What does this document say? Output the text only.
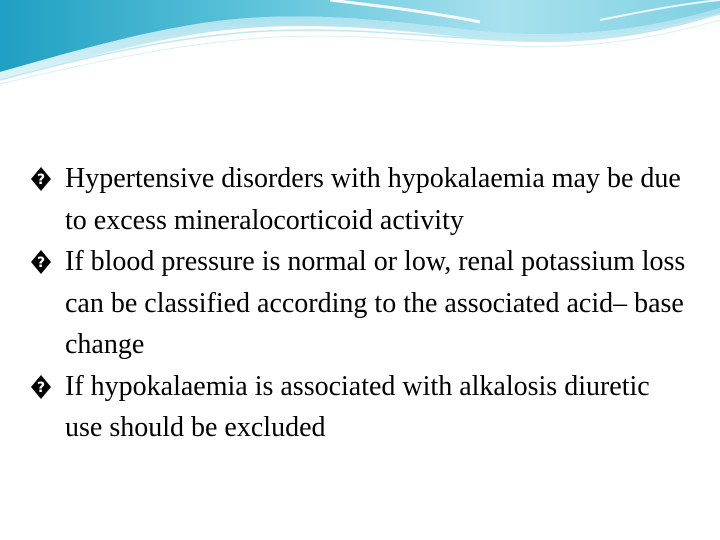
? Hypertensive disorders with hypokalaemia may be due to excess mineralocorticoid activity
? If blood pressure is normal or low, renal potassium loss can be classified according to the associated acid– base change
? If hypokalaemia is associated with alkalosis diuretic use should be excluded
